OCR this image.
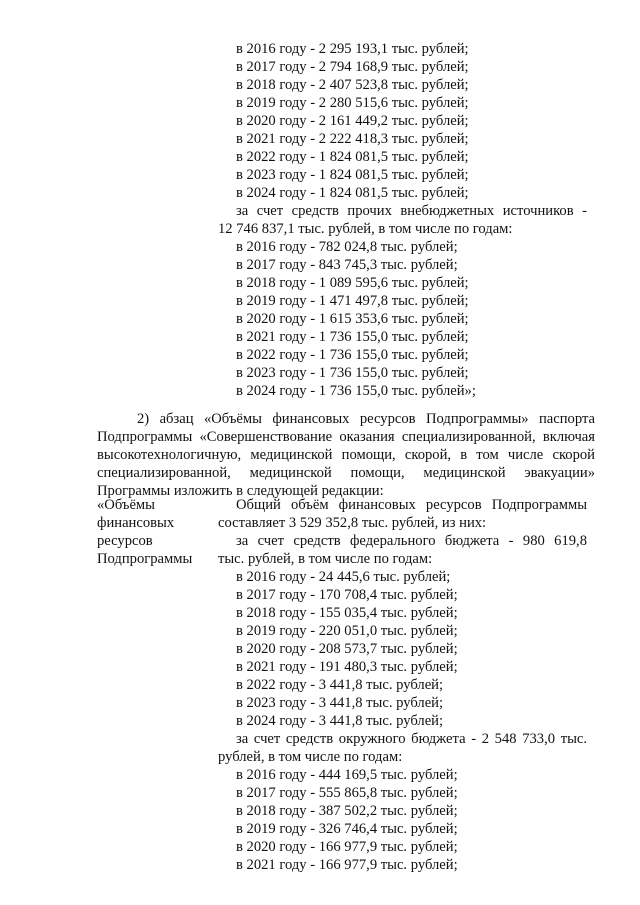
в 2016 году - 2 295 193,1 тыс. рублей;
в 2017 году - 2 794 168,9 тыс. рублей;
в 2018 году - 2 407 523,8 тыс. рублей;
в 2019 году - 2 280 515,6 тыс. рублей;
в 2020 году - 2 161 449,2 тыс. рублей;
в 2021 году - 2 222 418,3 тыс. рублей;
в 2022 году - 1 824 081,5 тыс. рублей;
в 2023 году - 1 824 081,5 тыс. рублей;
в 2024 году - 1 824 081,5 тыс. рублей;
за счет средств прочих внебюджетных источников -
12 746 837,1 тыс. рублей, в том числе по годам:
в 2016 году - 782 024,8 тыс. рублей;
в 2017 году - 843 745,3 тыс. рублей;
в 2018 году - 1 089 595,6 тыс. рублей;
в 2019 году - 1 471 497,8 тыс. рублей;
в 2020 году - 1 615 353,6 тыс. рублей;
в 2021 году - 1 736 155,0 тыс. рублей;
в 2022 году - 1 736 155,0 тыс. рублей;
в 2023 году - 1 736 155,0 тыс. рублей;
в 2024 году - 1 736 155,0 тыс. рублей»;
2) абзац «Объёмы финансовых ресурсов Подпрограммы» паспорта
Подпрограммы «Совершенствование оказания специализированной, включая
высокотехнологичную, медицинской помощи, скорой, в том числе скорой
специализированной, медицинской помощи, медицинской эвакуации»
Программы изложить в следующей редакции:
«Объёмы
финансовых
ресурсов
Подпрограммы
Общий объём финансовых ресурсов Подпрограммы
составляет 3 529 352,8 тыс. рублей, из них:
за счет средств федерального бюджета - 980 619,8
тыс. рублей, в том числе по годам:
в 2016 году - 24 445,6 тыс. рублей;
в 2017 году - 170 708,4 тыс. рублей;
в 2018 году - 155 035,4 тыс. рублей;
в 2019 году - 220 051,0 тыс. рублей;
в 2020 году - 208 573,7 тыс. рублей;
в 2021 году - 191 480,3 тыс. рублей;
в 2022 году - 3 441,8 тыс. рублей;
в 2023 году - 3 441,8 тыс. рублей;
в 2024 году - 3 441,8 тыс. рублей;
за счет средств окружного бюджета - 2 548 733,0 тыс.
рублей, в том числе по годам:
в 2016 году - 444 169,5 тыс. рублей;
в 2017 году - 555 865,8 тыс. рублей;
в 2018 году - 387 502,2 тыс. рублей;
в 2019 году - 326 746,4 тыс. рублей;
в 2020 году - 166 977,9 тыс. рублей;
в 2021 году - 166 977,9 тыс. рублей;
